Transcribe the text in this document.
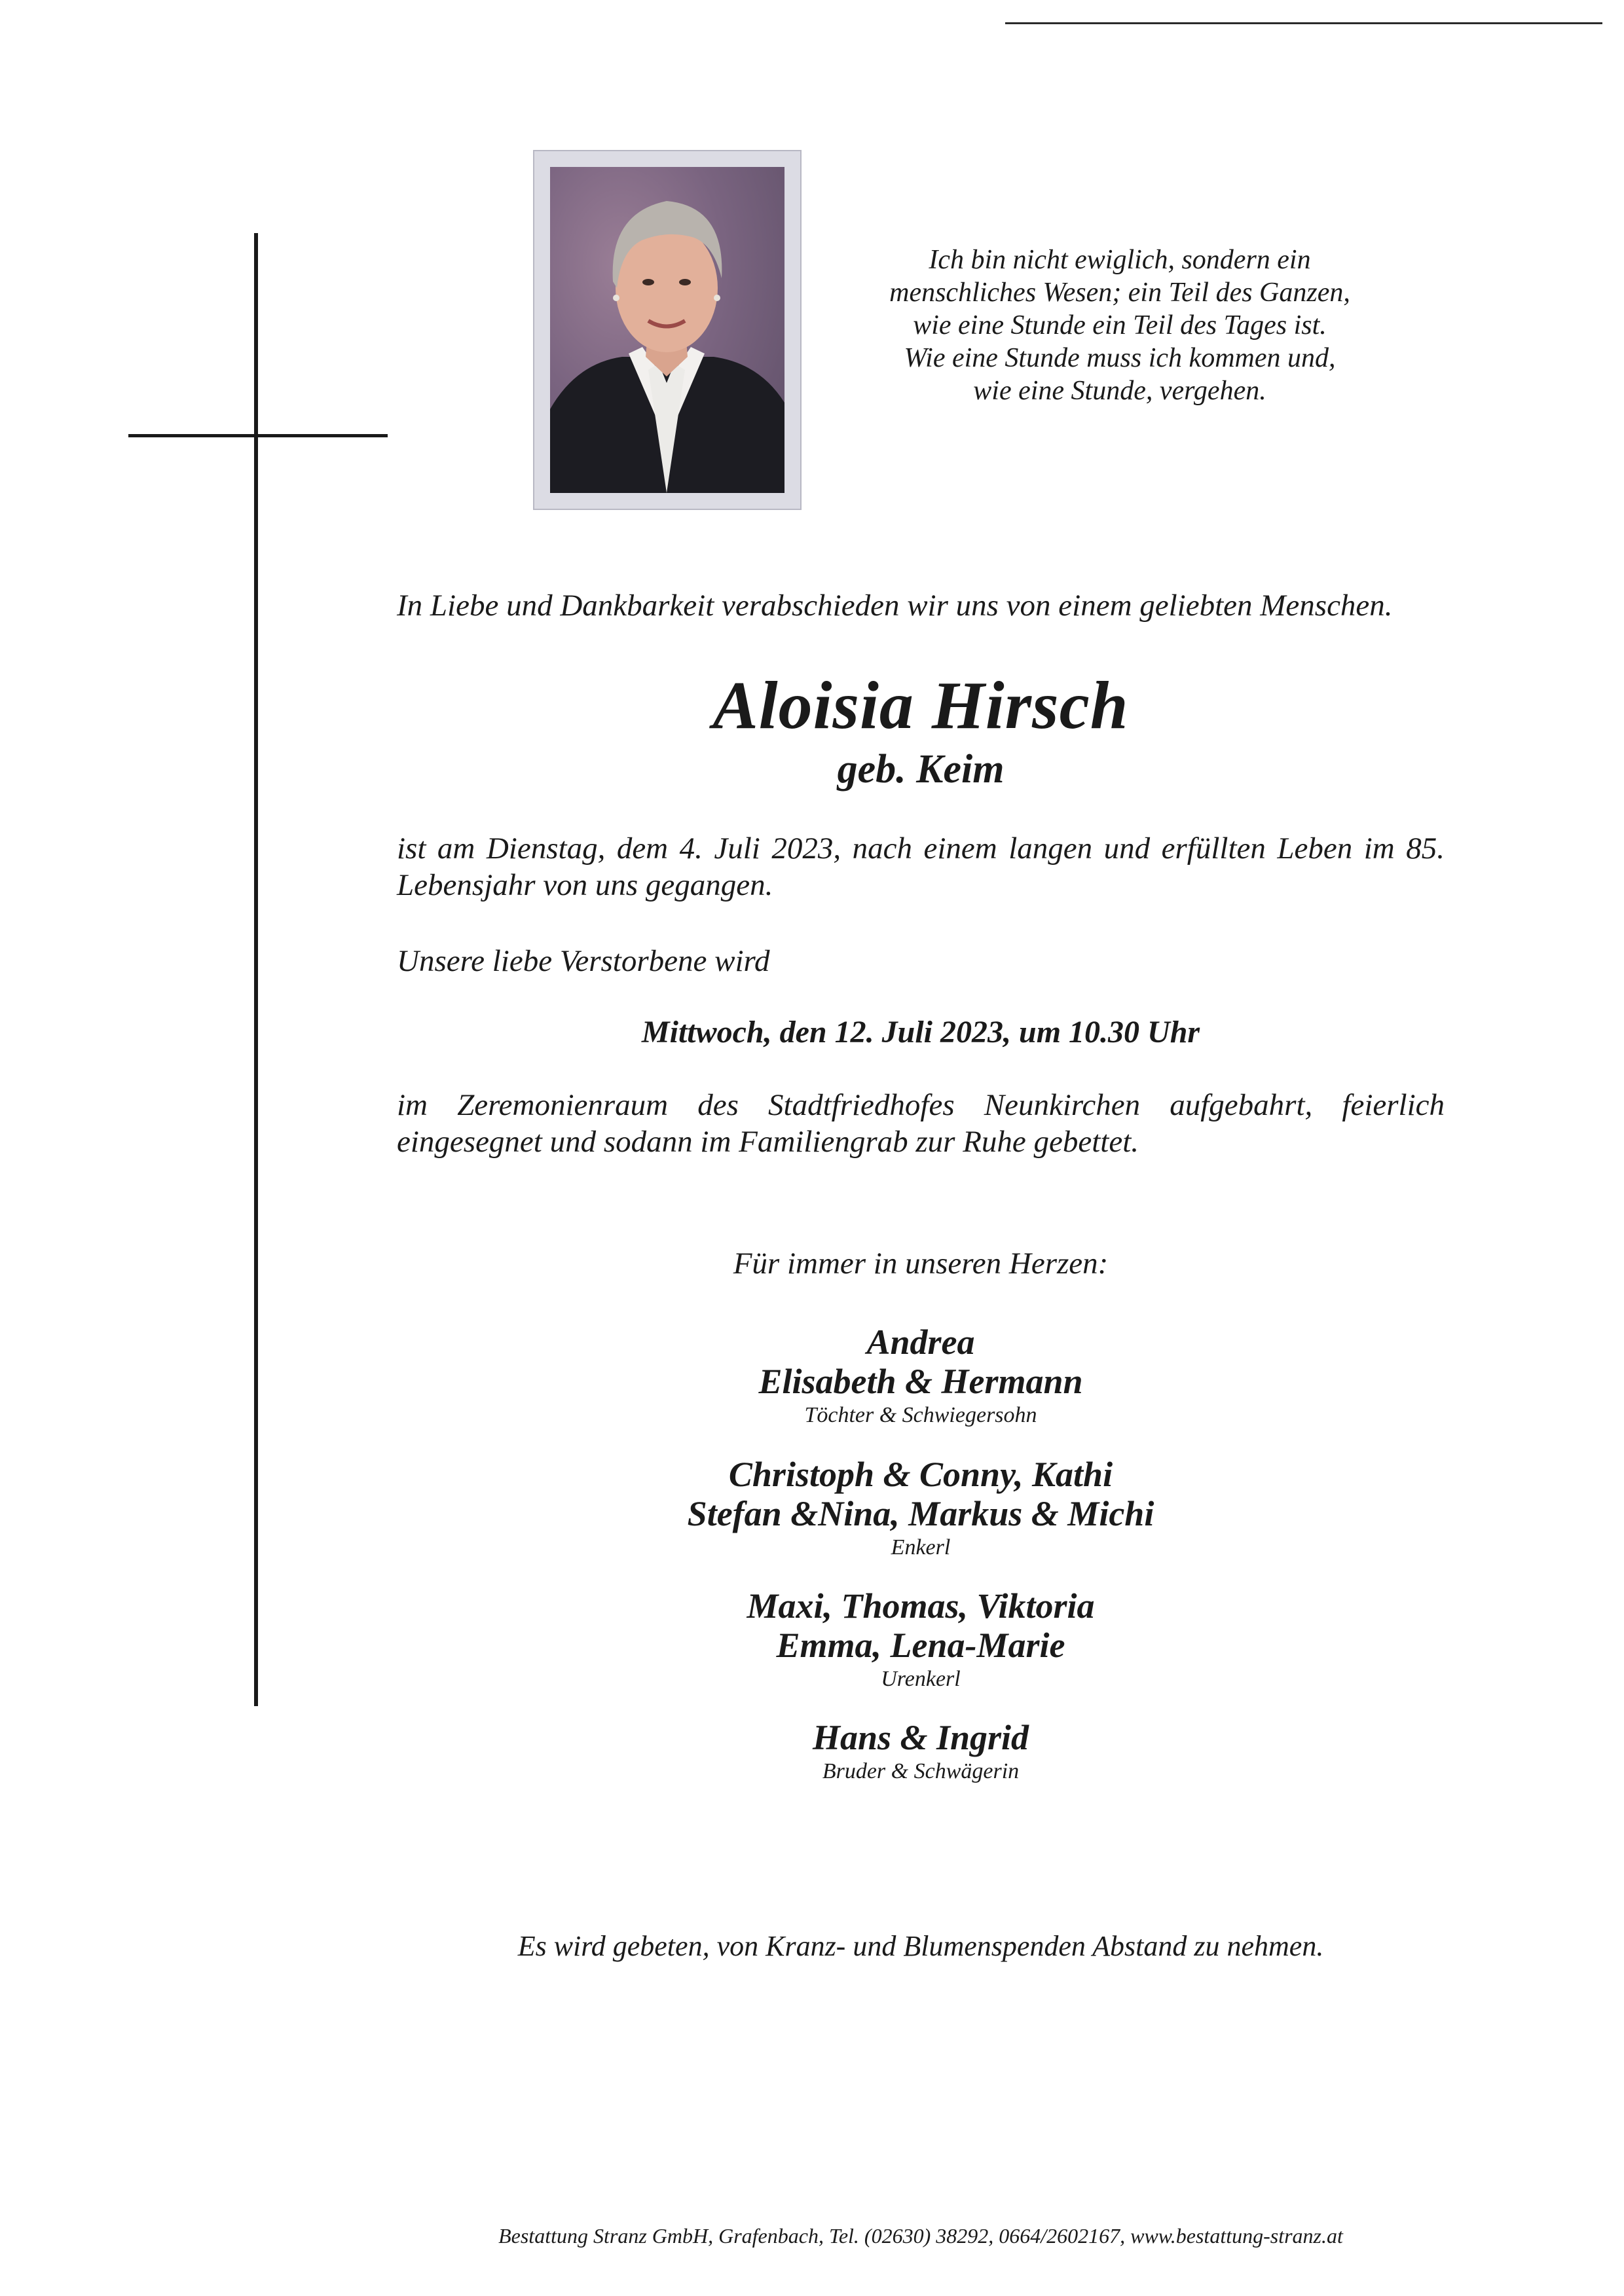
Ich bin nicht ewiglich, sondern ein
menschliches Wesen; ein Teil des Ganzen,
wie eine Stunde ein Teil des Tages ist.
Wie eine Stunde muss ich kommen und,
wie eine Stunde, vergehen.
In Liebe und Dankbarkeit verabschieden wir uns von einem geliebten Menschen.
Aloisia Hirsch
geb. Keim
ist am Dienstag, dem 4. Juli 2023, nach einem langen und erfüllten Leben im 85. Lebensjahr von uns gegangen.
Unsere liebe Verstorbene wird
Mittwoch, den 12. Juli 2023, um 10.30 Uhr
im Zeremonienraum des Stadtfriedhofes Neunkirchen aufgebahrt, feierlich eingesegnet und sodann im Familiengrab zur Ruhe gebettet.
Für immer in unseren Herzen:
Andrea
Elisabeth & Hermann
Töchter & Schwiegersohn
Christoph & Conny, Kathi
Stefan &Nina, Markus & Michi
Enkerl
Maxi, Thomas, Viktoria
Emma, Lena-Marie
Urenkerl
Hans & Ingrid
Bruder & Schwägerin
Es wird gebeten, von Kranz- und Blumenspenden Abstand zu nehmen.
Bestattung Stranz GmbH, Grafenbach, Tel. (02630) 38292, 0664/2602167, www.bestattung-stranz.at
